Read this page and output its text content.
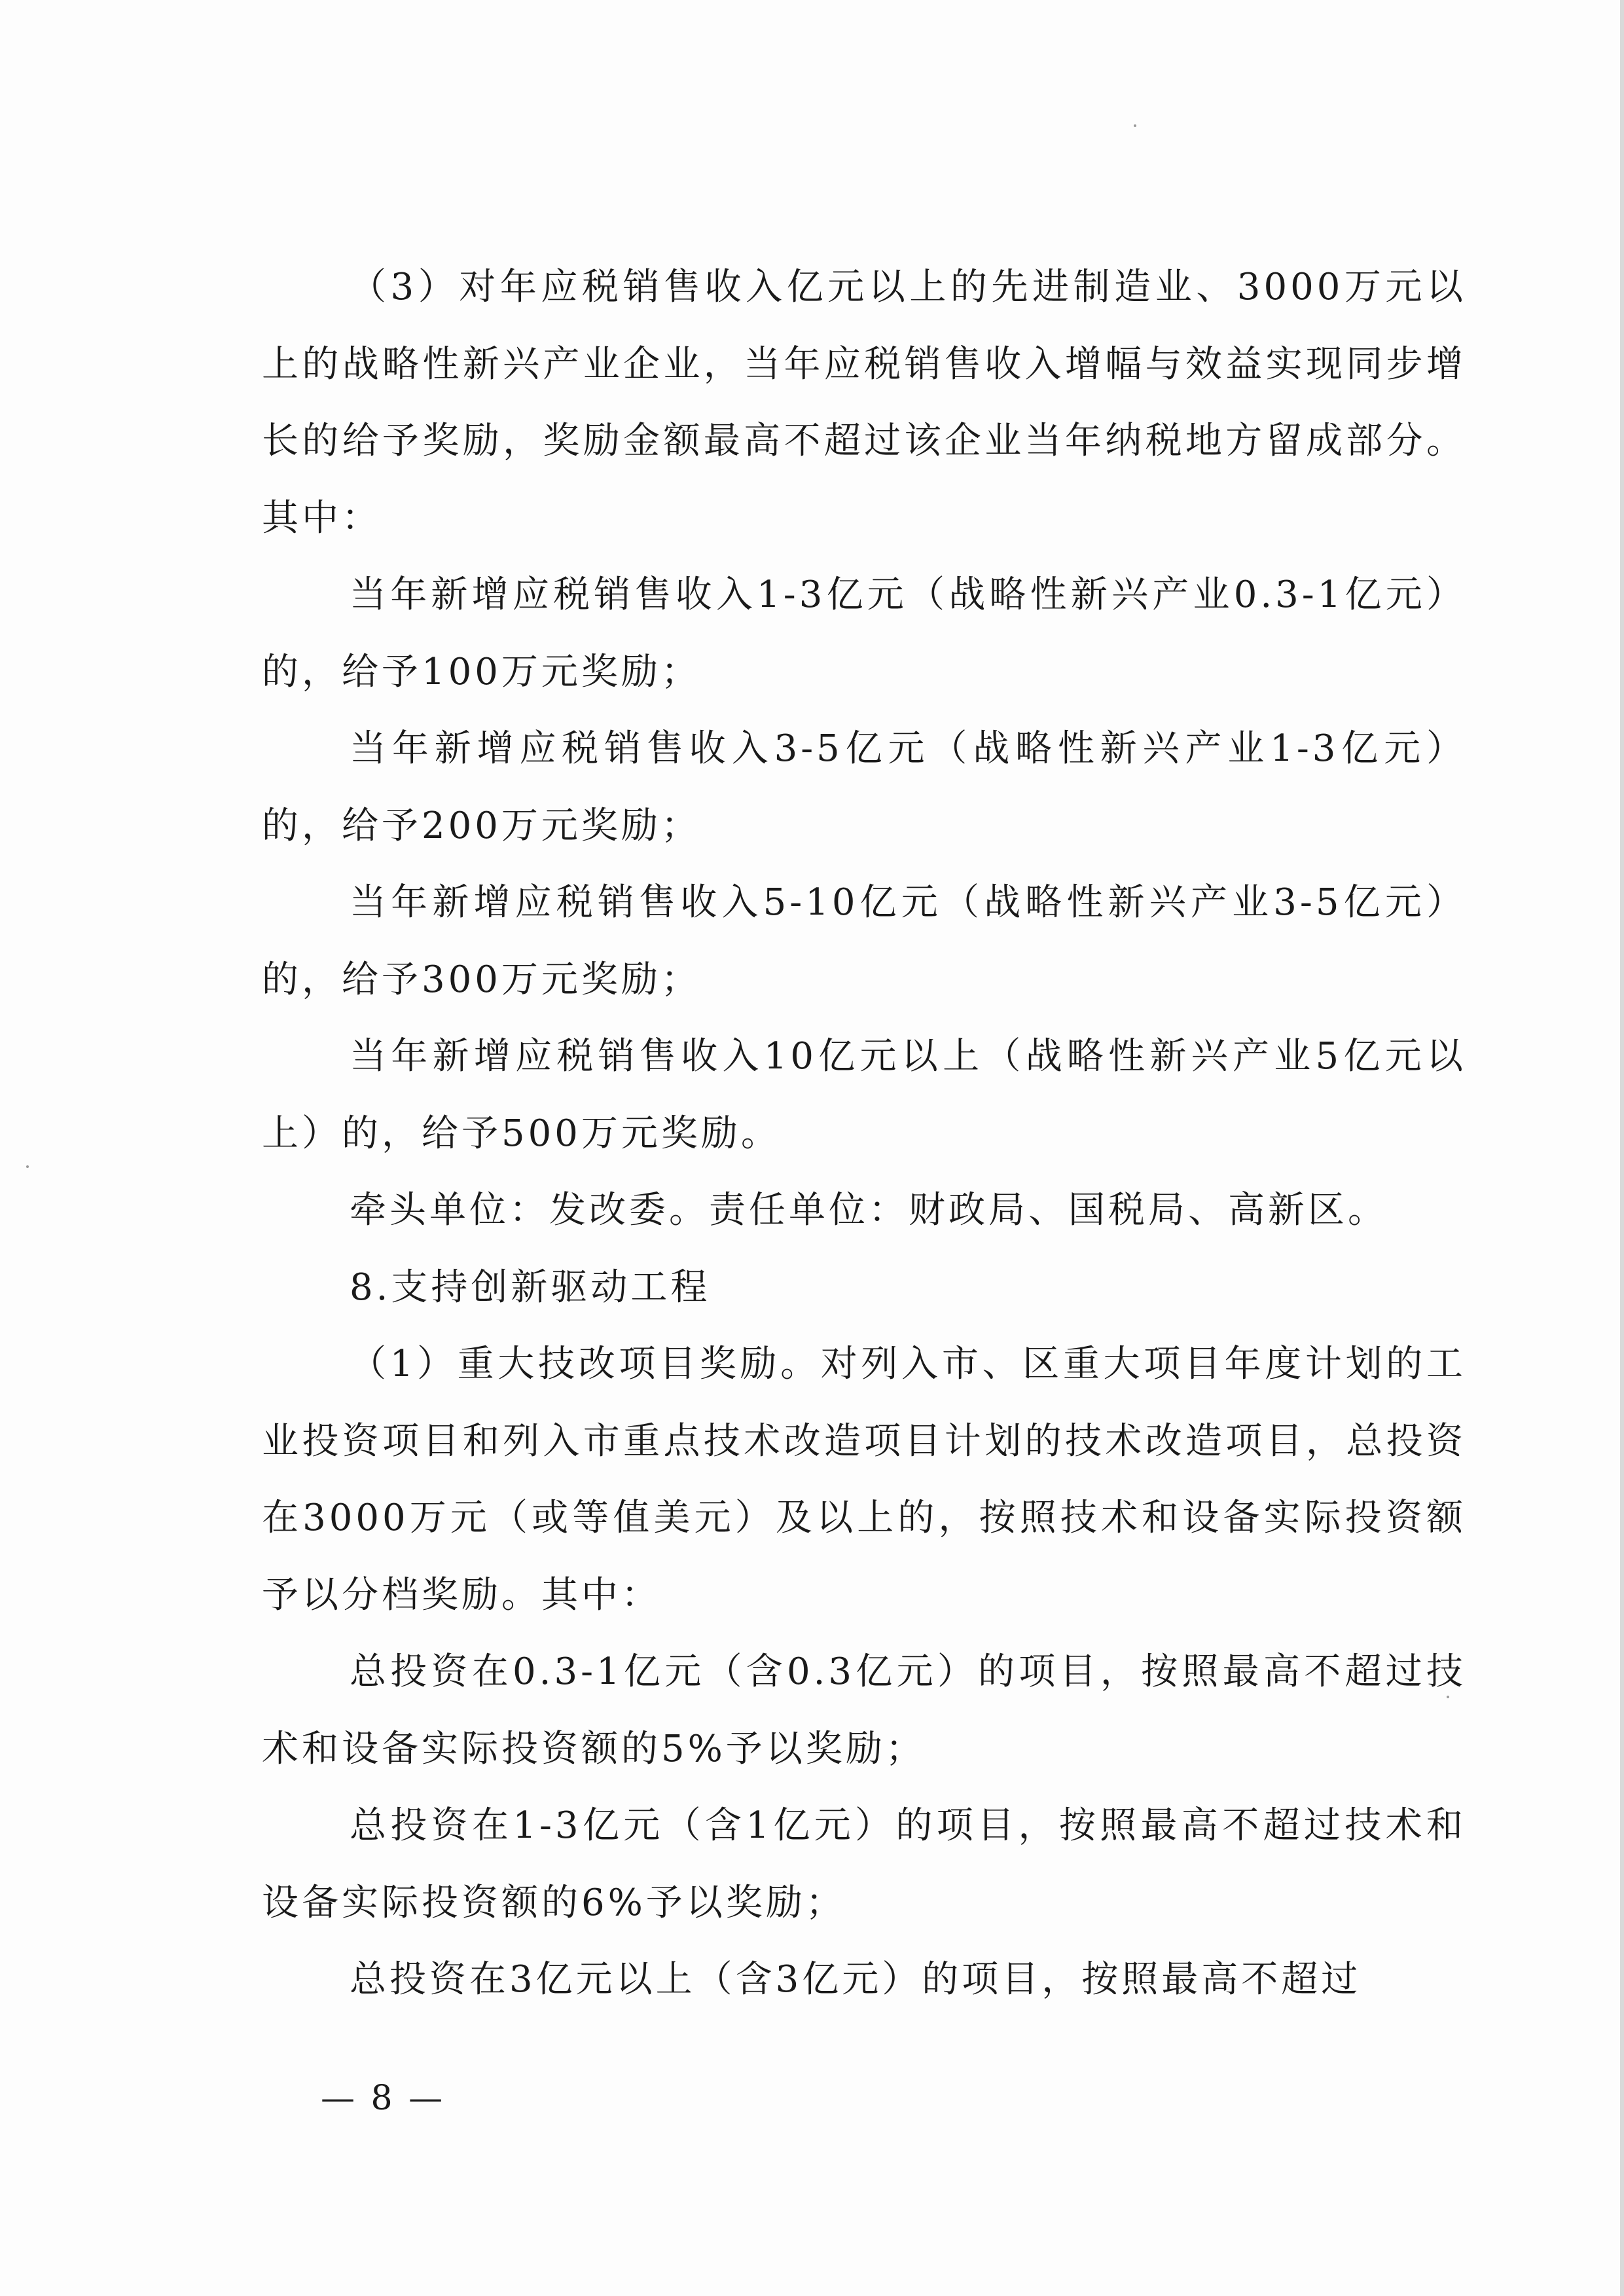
（3）对年应税销售收入亿元以上的先进制造业、3000万元以上的战略性新兴产业企业，当年应税销售收入增幅与效益实现同步增长的给予奖励，奖励金额最高不超过该企业当年纳税地方留成部分。其中：

当年新增应税销售收入1-3亿元（战略性新兴产业0.3-1亿元）的，给予100万元奖励；

当年新增应税销售收入3-5亿元（战略性新兴产业1-3亿元）的，给予200万元奖励；

当年新增应税销售收入5-10亿元（战略性新兴产业3-5亿元）的，给予300万元奖励；

当年新增应税销售收入10亿元以上（战略性新兴产业5亿元以上）的，给予500万元奖励。

牵头单位：发改委。责任单位：财政局、国税局、高新区。

8.支持创新驱动工程

（1）重大技改项目奖励。对列入市、区重大项目年度计划的工业投资项目和列入市重点技术改造项目计划的技术改造项目，总投资在3000万元（或等值美元）及以上的，按照技术和设备实际投资额予以分档奖励。其中：

总投资在0.3-1亿元（含0.3亿元）的项目，按照最高不超过技术和设备实际投资额的5%予以奖励；

总投资在1-3亿元（含1亿元）的项目，按照最高不超过技术和设备实际投资额的6%予以奖励；

总投资在3亿元以上（含3亿元）的项目，按照最高不超过

— 8 —
